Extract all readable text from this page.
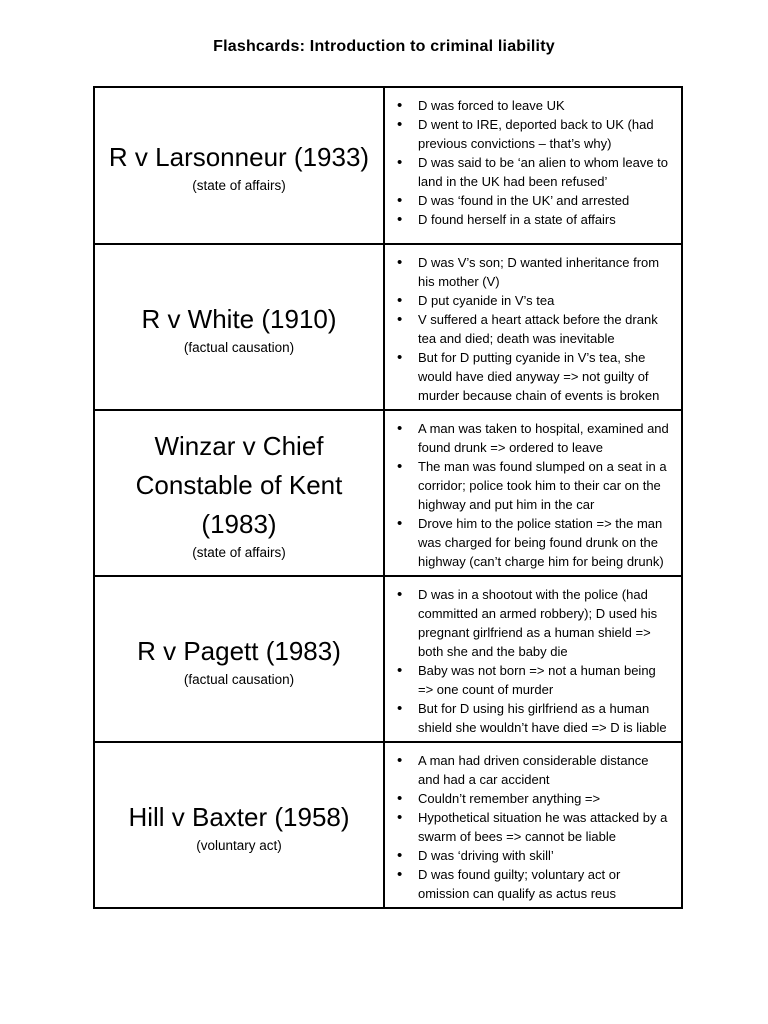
Flashcards: Introduction to criminal liability
R v Larsonneur (1933)
(state of affairs)
• D was forced to leave UK
• D went to IRE, deported back to UK (had previous convictions – that’s why)
• D was said to be ‘an alien to whom leave to land in the UK had been refused’
• D was ‘found in the UK’ and arrested
• D found herself in a state of affairs
R v White (1910)
(factual causation)
• D was V’s son; D wanted inheritance from his mother (V)
• D put cyanide in V’s tea
• V suffered a heart attack before the drank tea and died; death was inevitable
• But for D putting cyanide in V’s tea, she would have died anyway => not guilty of murder because chain of events is broken
Winzar v Chief Constable of Kent (1983)
(state of affairs)
• A man was taken to hospital, examined and found drunk => ordered to leave
• The man was found slumped on a seat in a corridor; police took him to their car on the highway and put him in the car
• Drove him to the police station => the man was charged for being found drunk on the highway (can’t charge him for being drunk)
R v Pagett (1983)
(factual causation)
• D was in a shootout with the police (had committed an armed robbery); D used his pregnant girlfriend as a human shield => both she and the baby die
• Baby was not born => not a human being => one count of murder
• But for D using his girlfriend as a human shield she wouldn’t have died => D is liable
Hill v Baxter (1958)
(voluntary act)
• A man had driven considerable distance and had a car accident
• Couldn’t remember anything =>
• Hypothetical situation he was attacked by a swarm of bees => cannot be liable
• D was ‘driving with skill’
• D was found guilty; voluntary act or omission can qualify as actus reus
